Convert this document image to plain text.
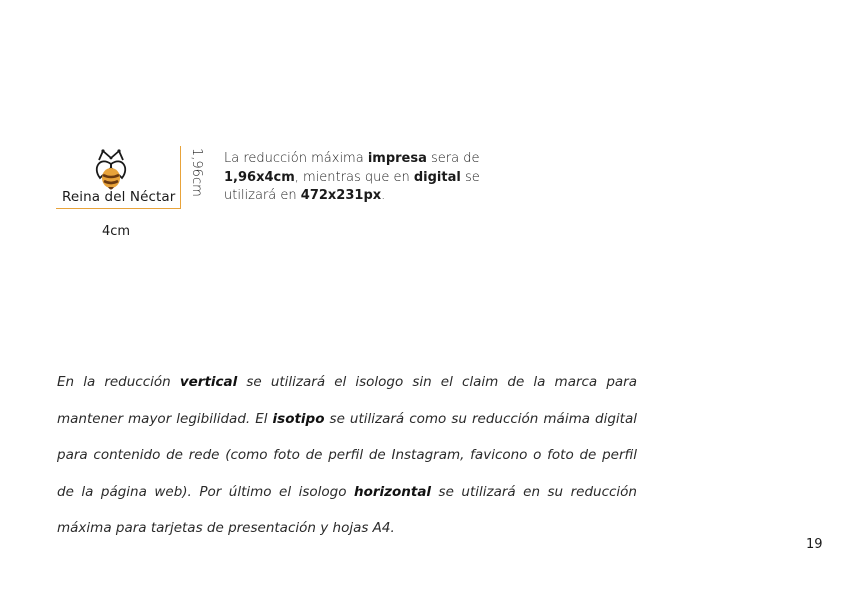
Reina del Néctar
1,96cm
4cm
La reducción máxima impresa sera de 1,96x4cm, mientras que en digital se utilizará en 472x231px.
En la reducción vertical se utilizará el isologo sin el claim de la marca para mantener mayor legibilidad. El isotipo se utilizará como su reducción máima digital para contenido de rede (como foto de perfil de Instagram, favicono o foto de perfil de la página web). Por último el isologo horizontal se utilizará en su reducción máxima para tarjetas de presentación y hojas A4.
19
